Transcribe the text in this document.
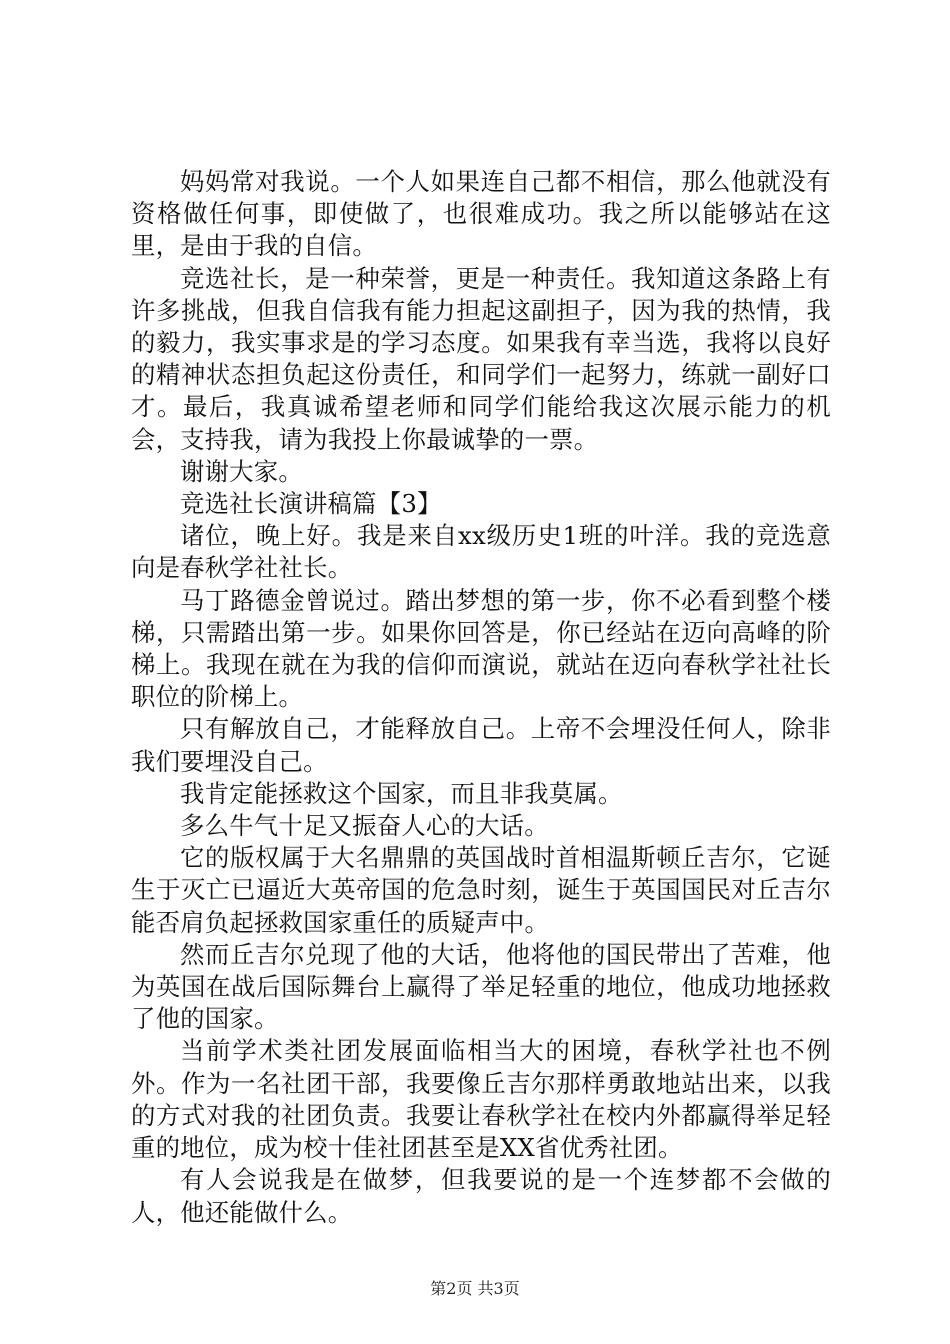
妈妈常对我说。一个人如果连自己都不相信，那么他就没有资格做任何事，即使做了，也很难成功。我之所以能够站在这里，是由于我的自信。

竞选社长，是一种荣誉，更是一种责任。我知道这条路上有许多挑战，但我自信我有能力担起这副担子，因为我的热情，我的毅力，我实事求是的学习态度。如果我有幸当选，我将以良好的精神状态担负起这份责任，和同学们一起努力，练就一副好口才。最后，我真诚希望老师和同学们能给我这次展示能力的机会，支持我，请为我投上你最诚挚的一票。

谢谢大家。

竞选社长演讲稿篇【3】

诸位，晚上好。我是来自xx级历史1班的叶洋。我的竞选意向是春秋学社社长。

马丁路德金曾说过。踏出梦想的第一步，你不必看到整个楼梯，只需踏出第一步。如果你回答是，你已经站在迈向高峰的阶梯上。我现在就在为我的信仰而演说，就站在迈向春秋学社社长职位的阶梯上。

只有解放自己，才能释放自己。上帝不会埋没任何人，除非我们要埋没自己。

我肯定能拯救这个国家，而且非我莫属。

多么牛气十足又振奋人心的大话。

它的版权属于大名鼎鼎的英国战时首相温斯顿丘吉尔，它诞生于灭亡已逼近大英帝国的危急时刻，诞生于英国国民对丘吉尔能否肩负起拯救国家重任的质疑声中。

然而丘吉尔兑现了他的大话，他将他的国民带出了苦难，他为英国在战后国际舞台上赢得了举足轻重的地位，他成功地拯救了他的国家。

当前学术类社团发展面临相当大的困境，春秋学社也不例外。作为一名社团干部，我要像丘吉尔那样勇敢地站出来，以我的方式对我的社团负责。我要让春秋学社在校内外都赢得举足轻重的地位，成为校十佳社团甚至是XX省优秀社团。

有人会说我是在做梦，但我要说的是一个连梦都不会做的人，他还能做什么。

第2页 共3页
